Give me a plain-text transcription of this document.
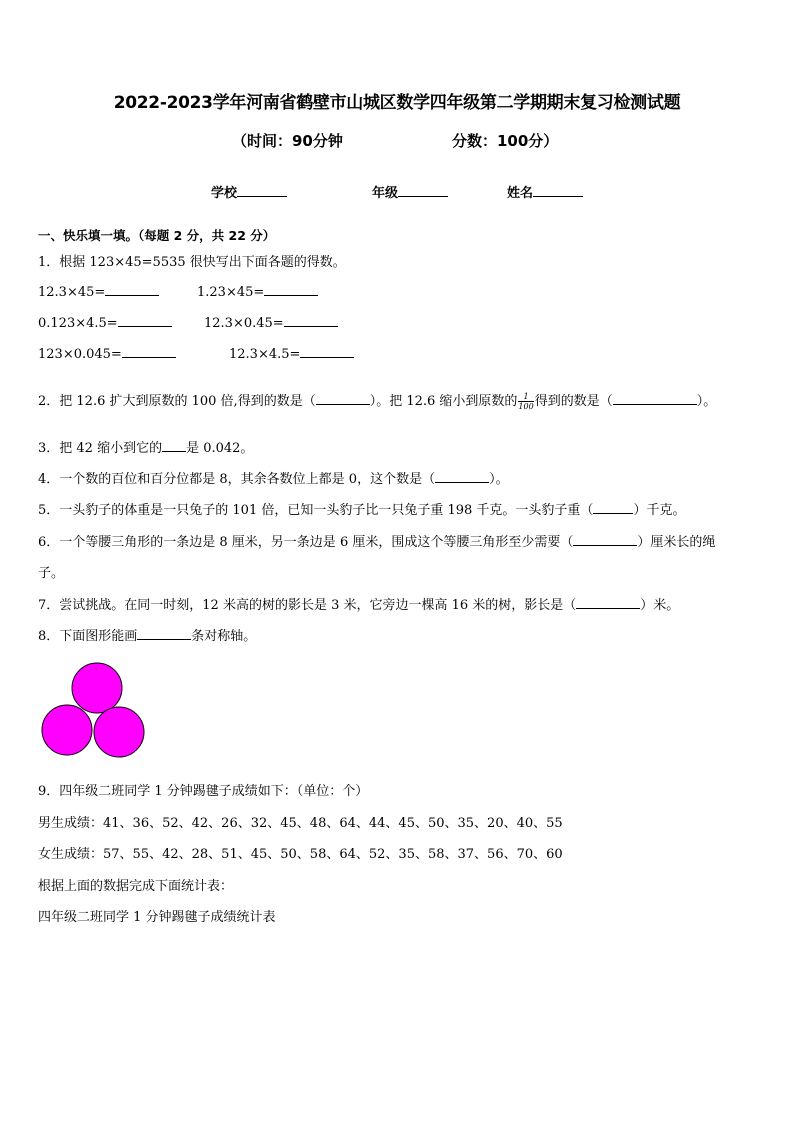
2022-2023学年河南省鹤壁市山城区数学四年级第二学期期末复习检测试题
（时间：90分钟	分数：100分）
学校	年级	姓名
一、快乐填一填。（每题 2 分，共 22 分）
1．根据 123×45=5535 很快写出下面各题的得数。
12.3×45=	1.23×45=
0.123×4.5=	12.3×0.45=
123×0.045=	12.3×4.5=
2．把 12.6 扩大到原数的 100 倍,得到的数是（	）。把 12.6 缩小到原数的 $\frac{1}{100}$ 得到的数是（	）。
3．把 42 缩小到它的 是 0.042。
4．一个数的百位和百分位都是 8，其余各数位上都是 0，这个数是（	）。
5．一头豹子的体重是一只兔子的 101 倍，已知一头豹子比一只兔子重 198 千克。一头豹子重（	）千克。
6．一个等腰三角形的一条边是 8 厘米，另一条边是 6 厘米，围成这个等腰三角形至少需要（	）厘米长的绳
子。
7．尝试挑战。在同一时刻，12 米高的树的影长是 3 米，它旁边一棵高 16 米的树，影长是（	）米。
8．下面图形能画	条对称轴。
9．四年级二班同学 1 分钟踢毽子成绩如下：（单位：个）
男生成绩：41、36、52、42、26、32、45、48、64、44、45、50、35、20、40、55
女生成绩：57、55、42、28、51、45、50、58、64、52、35、58、37、56、70、60
根据上面的数据完成下面统计表：
四年级二班同学 1 分钟踢毽子成绩统计表
